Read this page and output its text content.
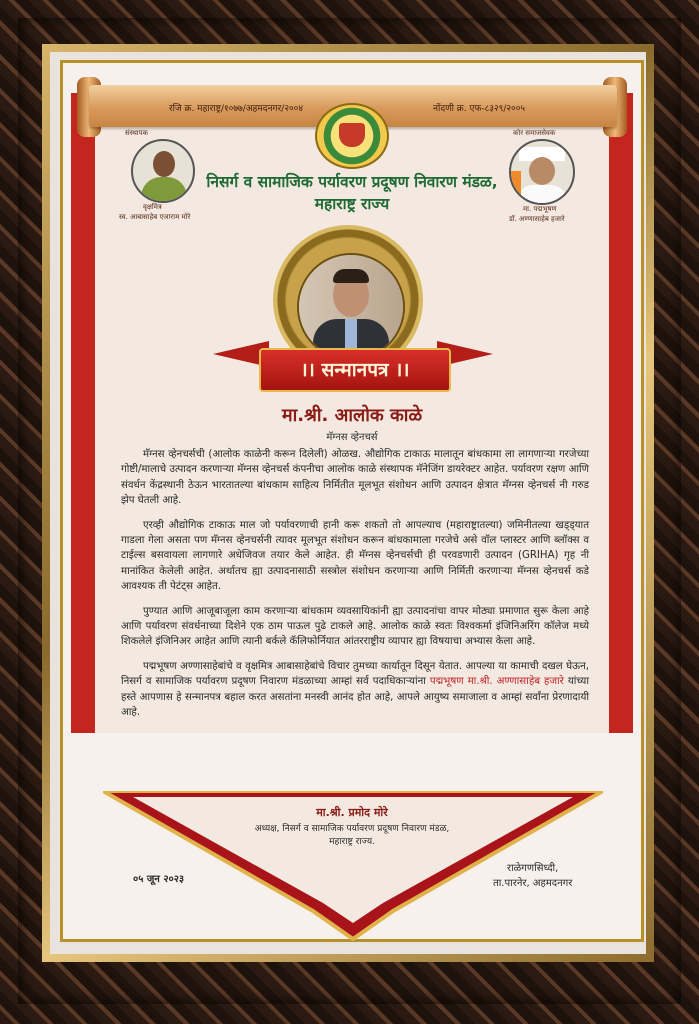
रजि क्र. महाराष्ट्र/१०७७/अहमदनगर/२००४	नोंदणी क्र. एफ-८३२९/२००५
संस्थापक
वृक्षमित्र
स्व. आबासाहेब एजाराम मोरे
कोर समाजसेवक
मा. पद्मभूषण
डॉ. अण्णासाहेब हजारे
निसर्ग व सामाजिक पर्यावरण प्रदूषण निवारण मंडळ,
महाराष्ट्र राज्य
।। सन्मानपत्र ।।
मा.श्री. आलोक काळे
मॅग्नस व्हेनचर्स

मॅग्नस व्हेनचर्सची (आलोक काळेनी करून दिलेली) ओळख. औद्योगिक टाकाऊ मालातून बांधकामा ला लागणाऱ्या गरजेच्या गोष्टी/मालाचे उत्पादन करणाऱ्या मॅग्नस व्हेनचर्स कंपनीचा आलोक काळे संस्थापक मॅनेजिंग डायरेक्टर आहेत. पर्यावरण रक्षण आणि संवर्धन केंद्रस्थानी ठेऊन भारतातल्या बांधकाम साहित्य निर्मितीत मूलभूत संशोधन आणि उत्पादन क्षेत्रात मॅग्नस व्हेनचर्स नी गरुड झेप घेतली आहे.

एरव्ही औद्योगिक टाकाऊ माल जो पर्यावरणाची हानी करू शकतो तो आपल्याच (महाराष्ट्रातल्या) जमिनीतल्या खड्ड्यात गाडला गेला असता पण मॅग्नस व्हेनचर्सनी त्यावर मूलभूत संशोधन करून बांधकामाला गरजेचे असे वॉल प्लास्टर आणि ब्लॉक्स व टाईल्स बसवायला लागणारे अधेजिवज तयार केले आहेत. ही मॅग्नस व्हेनचर्सची ही परवडणारी उत्पादन (GRIHA) गृह नी मानांकित केलेली आहेत. अर्थातच ह्या उत्पादनासाठी सस्त्रोल संशोधन करणाऱ्या आणि निर्मिती करणाऱ्या मॅग्नस व्हेनचर्स कडे आवश्यक ती पेटंट्स आहेत.

पुण्यात आणि आजूबाजूला काम करणाऱ्या बांधकाम व्यवसायिकांनी ह्या उत्पादनांचा वापर मोठ्या प्रमाणात सुरू केला आहे आणि पर्यावरण संवर्धनाच्या दिशेने एक ठाम पाऊल पुढे टाकले आहे. आलोक काळे स्वतः विश्वकर्मा इंजिनिअरिंग कॉलेज मध्ये शिकलेले इंजिनिअर आहेत आणि त्यानी बर्कले कॅलिफोर्नियात आंतरराष्ट्रीय व्यापार ह्या विषयाचा अभ्यास केला आहे.

पद्मभूषण अण्णासाहेबांचे व वृक्षमित्र आबासाहेबांचे विचार तुमच्या कार्यातून दिसून येतात. आपल्या या कामाची दखल घेऊन, निसर्ग व सामाजिक पर्यावरण प्रदूषण निवारण मंडळाच्या आम्हां सर्व पदाधिकाऱ्यांना पद्मभूषण मा.श्री. अण्णासाहेब हजारे यांच्या हस्ते आपणास हे सन्मानपत्र बहाल करत असतांना मनस्वी आनंद होत आहे, आपले आयुष्य समाजाला व आम्हां सर्वांना प्रेरणादायी आहे.

मा.श्री. प्रमोद मोरे
अध्यक्ष, निसर्ग व सामाजिक पर्यावरण प्रदूषण निवारण मंडळ,
महाराष्ट्र राज्य.
०५ जून २०२३
राळेगणसिध्दी,
ता.पारनेर, अहमदनगर
